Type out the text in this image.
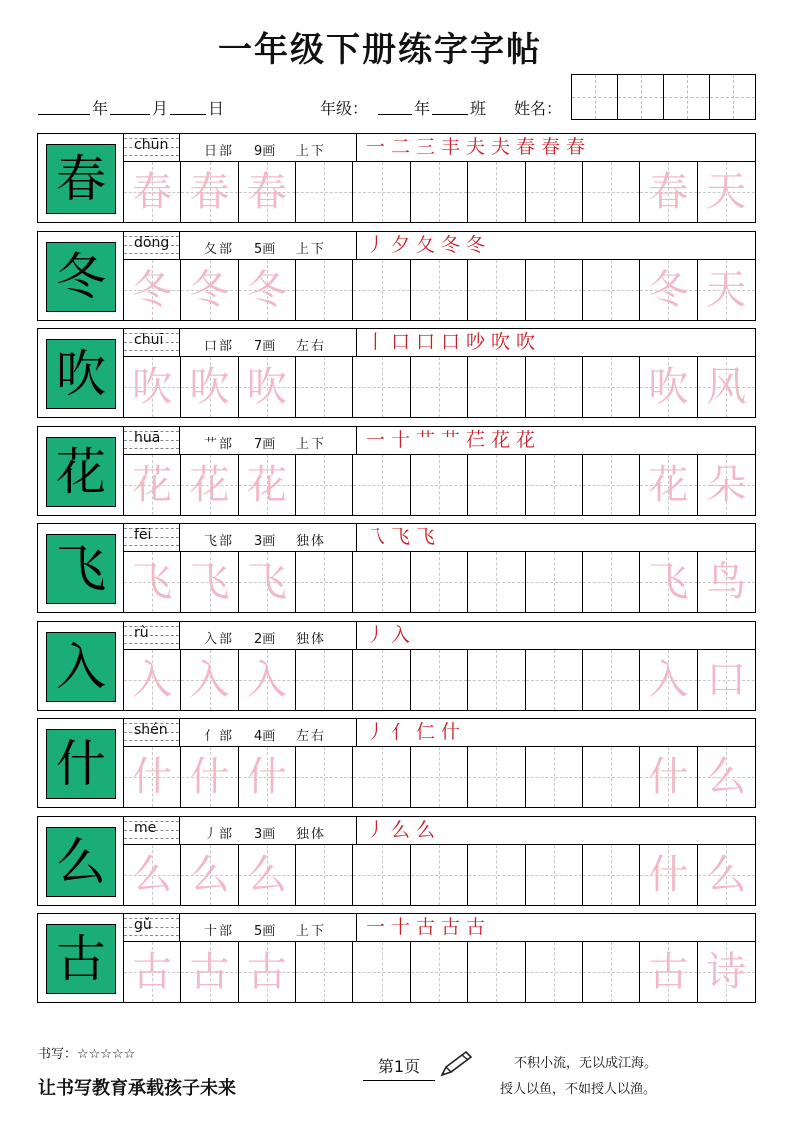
一年级下册练字字帖
年	月 日	年级：	年 班 姓名：
春
chūn	日部 9画 上下 一 二 三 丰 夫 夫 春 春 春
春 春 春	春 天
冬
dōng	夂部 5画 上下 丿 夕 夂 冬 冬
冬 冬 冬	冬 天
吹
chuī	口部 7画 左右 丨 口 口 口 吵 吹 吹
吹 吹 吹	吹 风
花
huā	艹部 7画 上下 一 十 艹 艹 芢 花 花
花 花 花	花 朵
飞
fēi	飞部 3画 独体 乁 飞 飞
飞 飞 飞	飞 鸟
入
rù	入部 2画 独体 丿 入
入 入 入	入 口
什
shén	亻部 4画 左右 丿 亻 仁 什
什 什 什	什 么
么
me	丿部 3画 独体 丿 么 么
么 么 么	什 么
古
gǔ	十部 5画 上下 一 十 古 古 古
古 古 古	古 诗
书写：☆☆☆☆☆
让书写教育承载孩子未来
第1页	不积小流，无以成江海。
授人以鱼，不如授人以渔。
